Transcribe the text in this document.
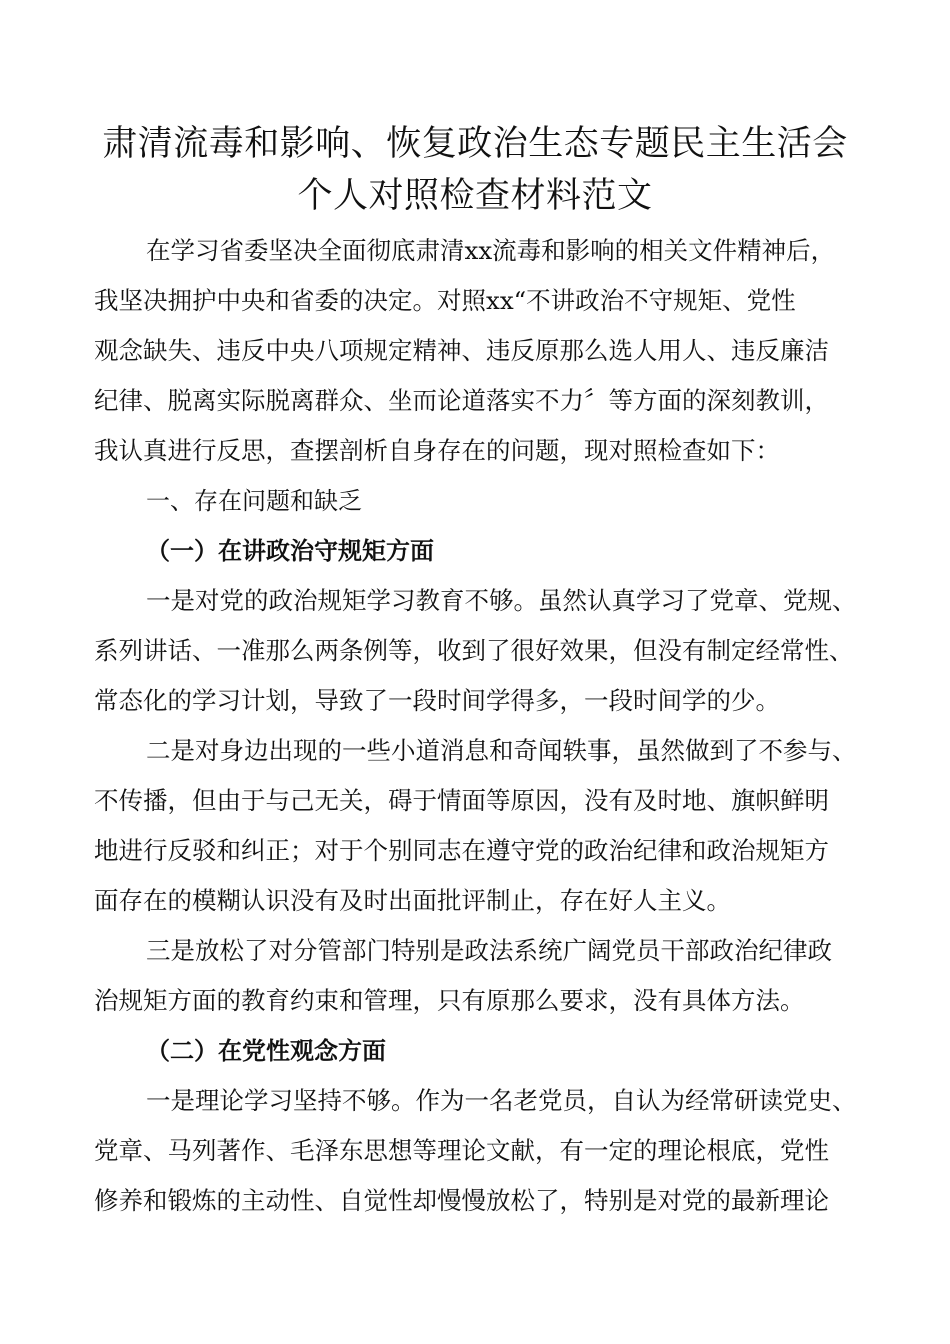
肃清流毒和影响、恢复政治生态专题民主生活会
个人对照检查材料范文
在学习省委坚决全面彻底肃清xx流毒和影响的相关文件精神后，
我坚决拥护中央和省委的决定。对照xx“不讲政治不守规矩、党性
观念缺失、违反中央八项规定精神、违反原那么选人用人、违反廉洁
纪律、脱离实际脱离群众、坐而论道落实不力〞等方面的深刻教训，
我认真进行反思，查摆剖析自身存在的问题，现对照检查如下：
一、存在问题和缺乏
（一）在讲政治守规矩方面
一是对党的政治规矩学习教育不够。虽然认真学习了党章、党规、
系列讲话、一准那么两条例等，收到了很好效果，但没有制定经常性、
常态化的学习计划，导致了一段时间学得多，一段时间学的少。
二是对身边出现的一些小道消息和奇闻轶事，虽然做到了不参与、
不传播，但由于与己无关，碍于情面等原因，没有及时地、旗帜鲜明
地进行反驳和纠正；对于个别同志在遵守党的政治纪律和政治规矩方
面存在的模糊认识没有及时出面批评制止，存在好人主义。
三是放松了对分管部门特别是政法系统广阔党员干部政治纪律政
治规矩方面的教育约束和管理，只有原那么要求，没有具体方法。
（二）在党性观念方面
一是理论学习坚持不够。作为一名老党员，自认为经常研读党史、
党章、马列著作、毛泽东思想等理论文献，有一定的理论根底，党性
修养和锻炼的主动性、自觉性却慢慢放松了，特别是对党的最新理论
